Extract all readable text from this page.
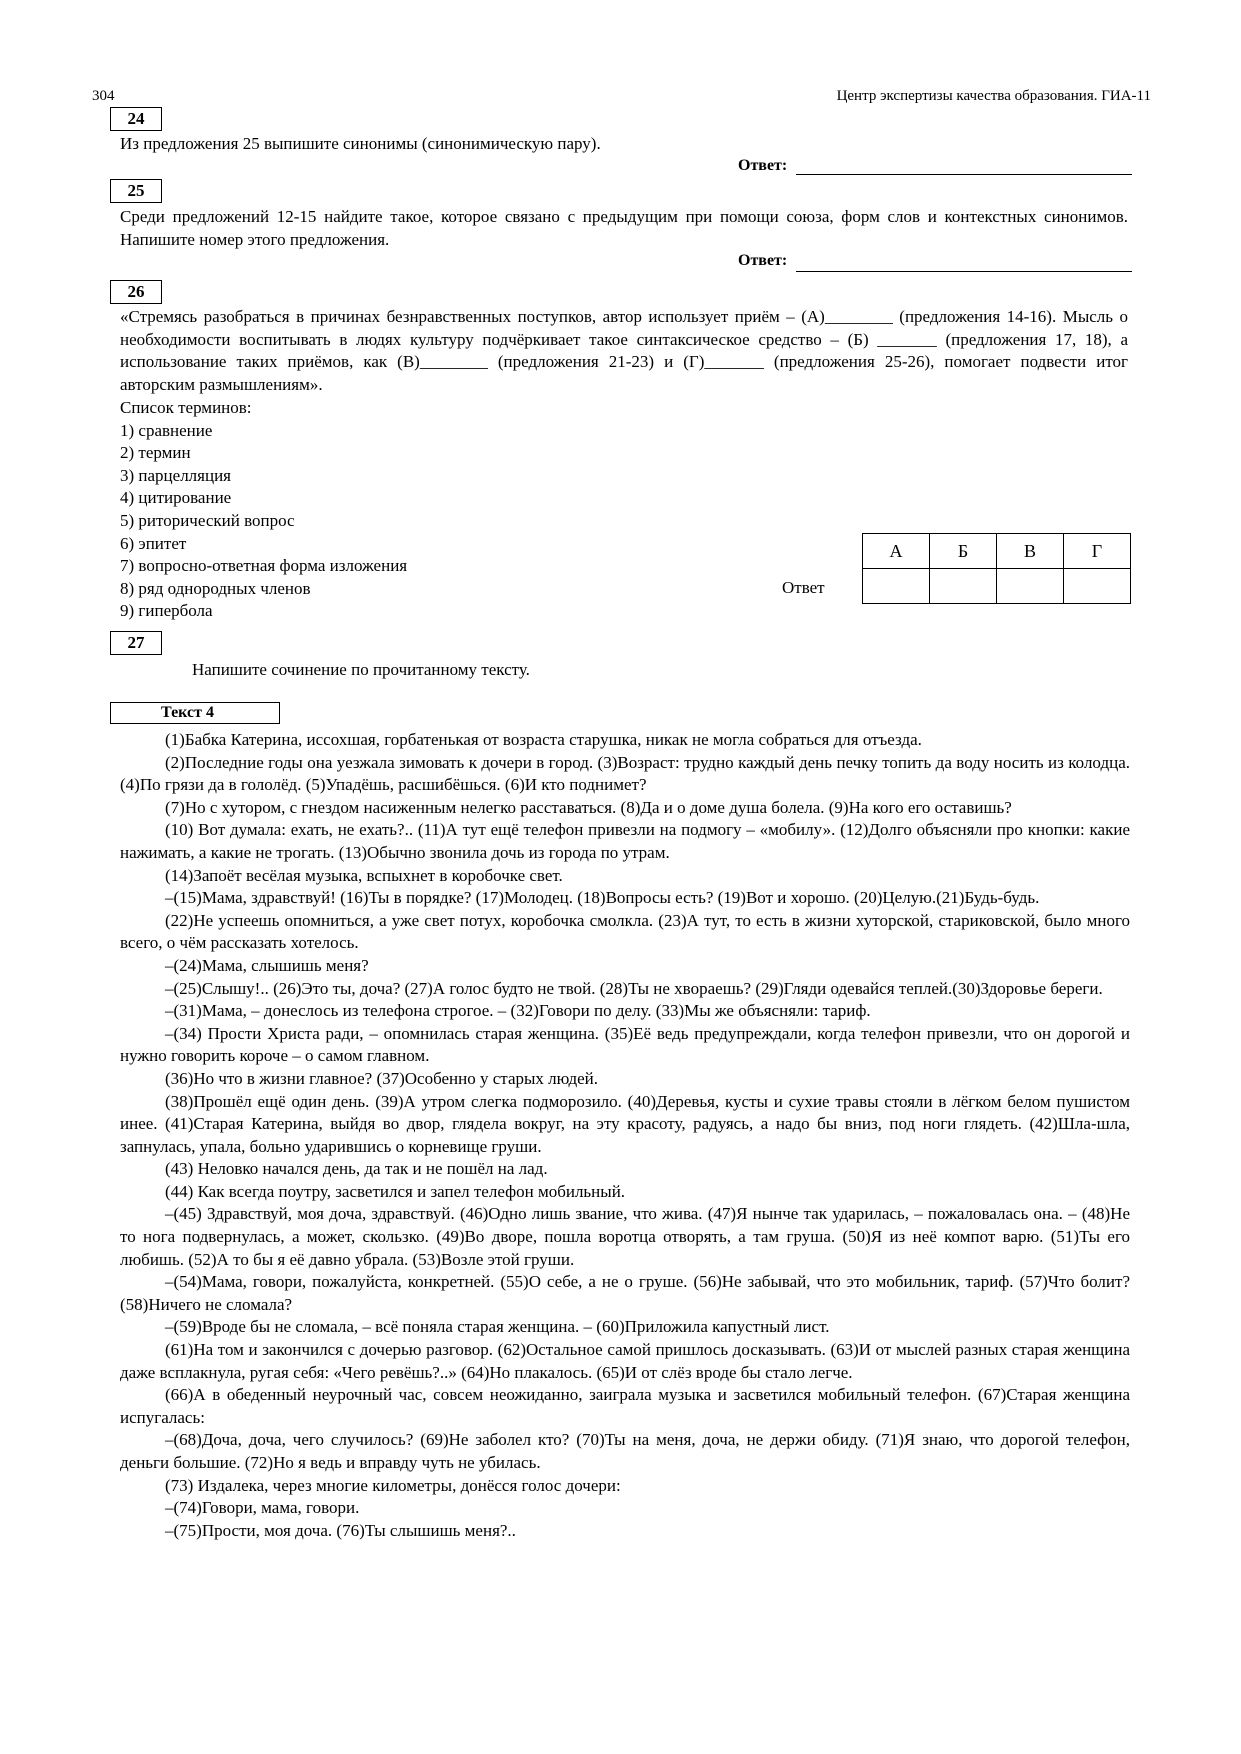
304	Центр экспертизы качества образования. ГИА-11
24
Из предложения 25 выпишите синонимы (синонимическую пару).
Ответ:
25
Среди предложений 12-15 найдите такое, которое связано с предыдущим при помощи союза, форм слов и контекстных синонимов. Напишите номер этого предложения.
Ответ:
26
«Стремясь разобраться в причинах безнравственных поступков, автор использует приём – (А)________ (предложения 14-16). Мысль о необходимости воспитывать в людях культуру подчёркивает такое синтаксическое средство – (Б) _______ (предложения 17, 18), а использование таких приёмов, как (В)________ (предложения 21-23) и (Г)_______ (предложения 25-26), помогает подвести итог авторским размышлениям».
Список терминов:
1) сравнение
2) термин
3) парцелляция
4) цитирование
5) риторический вопрос
6) эпитет
7) вопросно-ответная форма изложения
8) ряд однородных членов
9) гипербола
Ответ
А	Б	В	Г

27
Напишите сочинение по прочитанному тексту.
Текст 4

(1)Бабка Катерина, иссохшая, горбатенькая от возраста старушка, никак не могла собраться для отъезда.

(2)Последние годы она уезжала зимовать к дочери в город. (3)Возраст: трудно каждый день печку топить да воду носить из колодца. (4)По грязи да в гололёд. (5)Упадёшь, расшибёшься. (6)И кто поднимет?

(7)Но с хутором, с гнездом насиженным нелегко расставаться. (8)Да и о доме душа болела. (9)На кого его оставишь?

(10) Вот думала: ехать, не ехать?.. (11)А тут ещё телефон привезли на подмогу – «мобилу». (12)Долго объясняли про кнопки: какие нажимать, а какие не трогать. (13)Обычно звонила дочь из города по утрам.

(14)Запоёт весёлая музыка, вспыхнет в коробочке свет.

–(15)Мама, здравствуй! (16)Ты в порядке? (17)Молодец. (18)Вопросы есть? (19)Вот и хорошо. (20)Целую.(21)Будь-будь.

(22)Не успеешь опомниться, а уже свет потух, коробочка смолкла. (23)А тут, то есть в жизни хуторской, стариковской, было много всего, о чём рассказать хотелось.

–(24)Мама, слышишь меня?

–(25)Слышу!.. (26)Это ты, доча? (27)А голос будто не твой. (28)Ты не хвораешь? (29)Гляди одевайся теплей.(30)Здоровье береги.

–(31)Мама, – донеслось из телефона строгое. – (32)Говори по делу. (33)Мы же объясняли: тариф.

–(34) Прости Христа ради, – опомнилась старая женщина. (35)Её ведь предупреждали, когда телефон привезли, что он дорогой и нужно говорить короче – о самом главном.

(36)Но что в жизни главное? (37)Особенно у старых людей.

(38)Прошёл ещё один день. (39)А утром слегка подморозило. (40)Деревья, кусты и сухие травы стояли в лёгком белом пушистом инее. (41)Старая Катерина, выйдя во двор, глядела вокруг, на эту красоту, радуясь, а надо бы вниз, под ноги глядеть. (42)Шла-шла, запнулась, упала, больно ударившись о корневище груши.

(43) Неловко начался день, да так и не пошёл на лад.

(44) Как всегда поутру, засветился и запел телефон мобильный.

–(45) Здравствуй, моя доча, здравствуй. (46)Одно лишь звание, что жива. (47)Я нынче так ударилась, – пожаловалась она. – (48)Не то нога подвернулась, а может, скользко. (49)Во дворе, пошла воротца отворять, а там груша. (50)Я из неё компот варю. (51)Ты его любишь. (52)А то бы я её давно убрала. (53)Возле этой груши.

–(54)Мама, говори, пожалуйста, конкретней. (55)О себе, а не о груше. (56)Не забывай, что это мобильник, тариф. (57)Что болит? (58)Ничего не сломала?

–(59)Вроде бы не сломала, – всё поняла старая женщина. – (60)Приложила капустный лист.

(61)На том и закончился с дочерью разговор. (62)Остальное самой пришлось досказывать. (63)И от мыслей разных старая женщина даже всплакнула, ругая себя: «Чего ревёшь?..» (64)Но плакалось. (65)И от слёз вроде бы стало легче.

(66)А в обеденный неурочный час, совсем неожиданно, заиграла музыка и засветился мобильный телефон. (67)Старая женщина испугалась:

–(68)Доча, доча, чего случилось? (69)Не заболел кто? (70)Ты на меня, доча, не держи обиду. (71)Я знаю, что дорогой телефон, деньги большие. (72)Но я ведь и вправду чуть не убилась.

(73) Издалека, через многие километры, донёсся голос дочери:

–(74)Говори, мама, говори.

–(75)Прости, моя доча. (76)Ты слышишь меня?..
